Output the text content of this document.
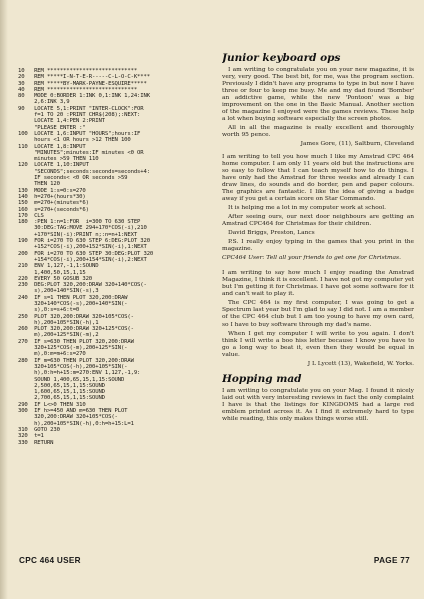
10   REM ****************************
20   REM *****I-N-T-E-R-----C-L-O-C-K****
30   REM *****BY-MARK-PAYNE-ESQUIRE*****
40   REM ****************************
80   MODE 0:BORDER 1:INK 0,1:INK 1,24:INK
2,6:INK 3,9
90   LOCATE 5,1:PRINT "INTER-CLOCK":FOR
f=1 TO 20 :PRINT CHR$(208);:NEXT:
LOCATE 1,4:PEN 2:PRINT
"PLEASE ENTER :"
100  LOCATE 1,6:INPUT "HOURS";hours:IF
hours <1 OR hours >12 THEN 100
110  LOCATE 1,8:INPUT
"MINUTES";minutes:IF minutes <0 OR
minutes >59 THEN 110
120  LOCATE 1,10:INPUT
"SECONDS";seconds:seconds=seconds+4:
IF seconds< <0 OR seconds >59
THEN 120
130  MODE 1:s=0:s=270
140  h=270+(hours*30)
150  m=270+(minutes*6)
160  s=270+(seconds*6)
170  CLS
180  :PEN 1:n=1:FOR  i=300 TO 630 STEP
30:DEG:TAG:MOVE 294+170*COS(-i),210
+170*SIN(-i):PRINT n;:n=n+1:NEXT
190  FOR i=270 TO 630 STEP 6:DEG:PLOT 320
+152*COS(-i),200+152*SIN(-i),1:NEXT
200  FOR i=270 TO 630 STEP 30:DEG:PLOT 320
+154*COS(-i),200+154*SIN(-i),2:NEXT
210  ENV 1,127,-1,1:SOUND
1,400,50,15,1,15
220  EVERY 50 GOSUB 320
230  DEG:PLOT 320,200:DRAW 320+140*COS(-
s),200+140*SIN(-s),3
240  IF s=1 THEN PLOT 320,200:DRAW
320+140*COS(-s),200+140*SIN(-
s),0:s=s+6:t=0
250  PLOT 320,200:DRAW 320+105*COS(-
h),200+105*SIN(-h),1
260  PLOT 320,200:DRAW 320+125*COS(-
m),200+125*SIN(-m),2
270  IF s=630 THEN PLOT 320,200:DRAW
320+125*COS(-m),200+125*SIN(-
m),0:m=m+6:s=270
280  IF m=630 THEN PLOT 320,200:DRAW
320+105*COS(-h),200+105*SIN(-
h),0:h=h+15:m=270:ENV 1,127,-1,9:
SOUND 1,400,65,15,1,15:SOUND
2,500,65,15,1,15:SOUND
1,600,65,15,1,15:SOUND
2,700,65,15,1,15:SOUND
290  IF L<>0 THEN 310
300  IF h>=450 AND m=630 THEN PLOT
320,200:DRAW 320+105*COS(-
h),200+105*SIN(-h),0:h=h+15:L=1
310  GOTO 230
320  t=1
330  RETURN
Junior keyboard ops

I am writing to congratulate you on your new magazine, it is very, very good. The best bit, for me, was the program section. Previously I didn't have any programs to type in but now I have three or four to keep me busy. Me and my dad found 'Bomber' an addictive game, while the new 'Pontoon' was a big improvement on the one in the Basic Manual. Another section of the magazine I enjoyed were the games reviews. These help a lot when buying software especially the screen photos.

All in all the magazine is really excellent and thoroughly worth 95 pence.

James Gore, (11), Saltburn, Cleveland

I am writing to tell you how much I like my Amstrad CPC 464 home computer. I am only 11 years old but the instructions are so easy to follow that I can teach myself how to do things. I have only had the Amstrad for three weeks and already I can draw lines, do sounds and do border, pen and paper colours. The graphics are fantastic. I like the idea of giving a badge away if you get a certain score on Star Commando.

It is helping me a lot in my computer work at school.

After seeing ours, our next door neighbours are getting an Amstrad CPC464 for Christmas for their children.

David Briggs, Preston, Lancs

P.S. I really enjoy typing in the games that you print in the magazine.

CPC464 User: Tell all your friends to get one for Christmas.

I am writing to say how much I enjoy reading the Amstrad Magazine, I think it is excellent. I have not got my computer yet but I'm getting it for Christmas. I have got some software for it and can't wait to play it.

The CPC 464 is my first computer, I was going to get a Spectrum last year but I'm glad to say I did not. I am a member of the CPC 464 club but I am too young to have my own card, so I have to buy software through my dad's name.

When I get my computer I will write to you again. I don't think I will write a boo hiss letter because I know you have to go a long way to beat it, even then they would be equal in value.

J L Lycett (13), Wakefield, W. Yorks.
Hopping mad

I am writing to congratulate you on your Mag. I found it nicely laid out with very interesting reviews in fact the only complaint I have is that the listings for KINGDOMS had a large red emblem printed across it. As I find it extremely hard to type while reading, this only makes things worse still.

CPC 464 USER	PAGE 77
